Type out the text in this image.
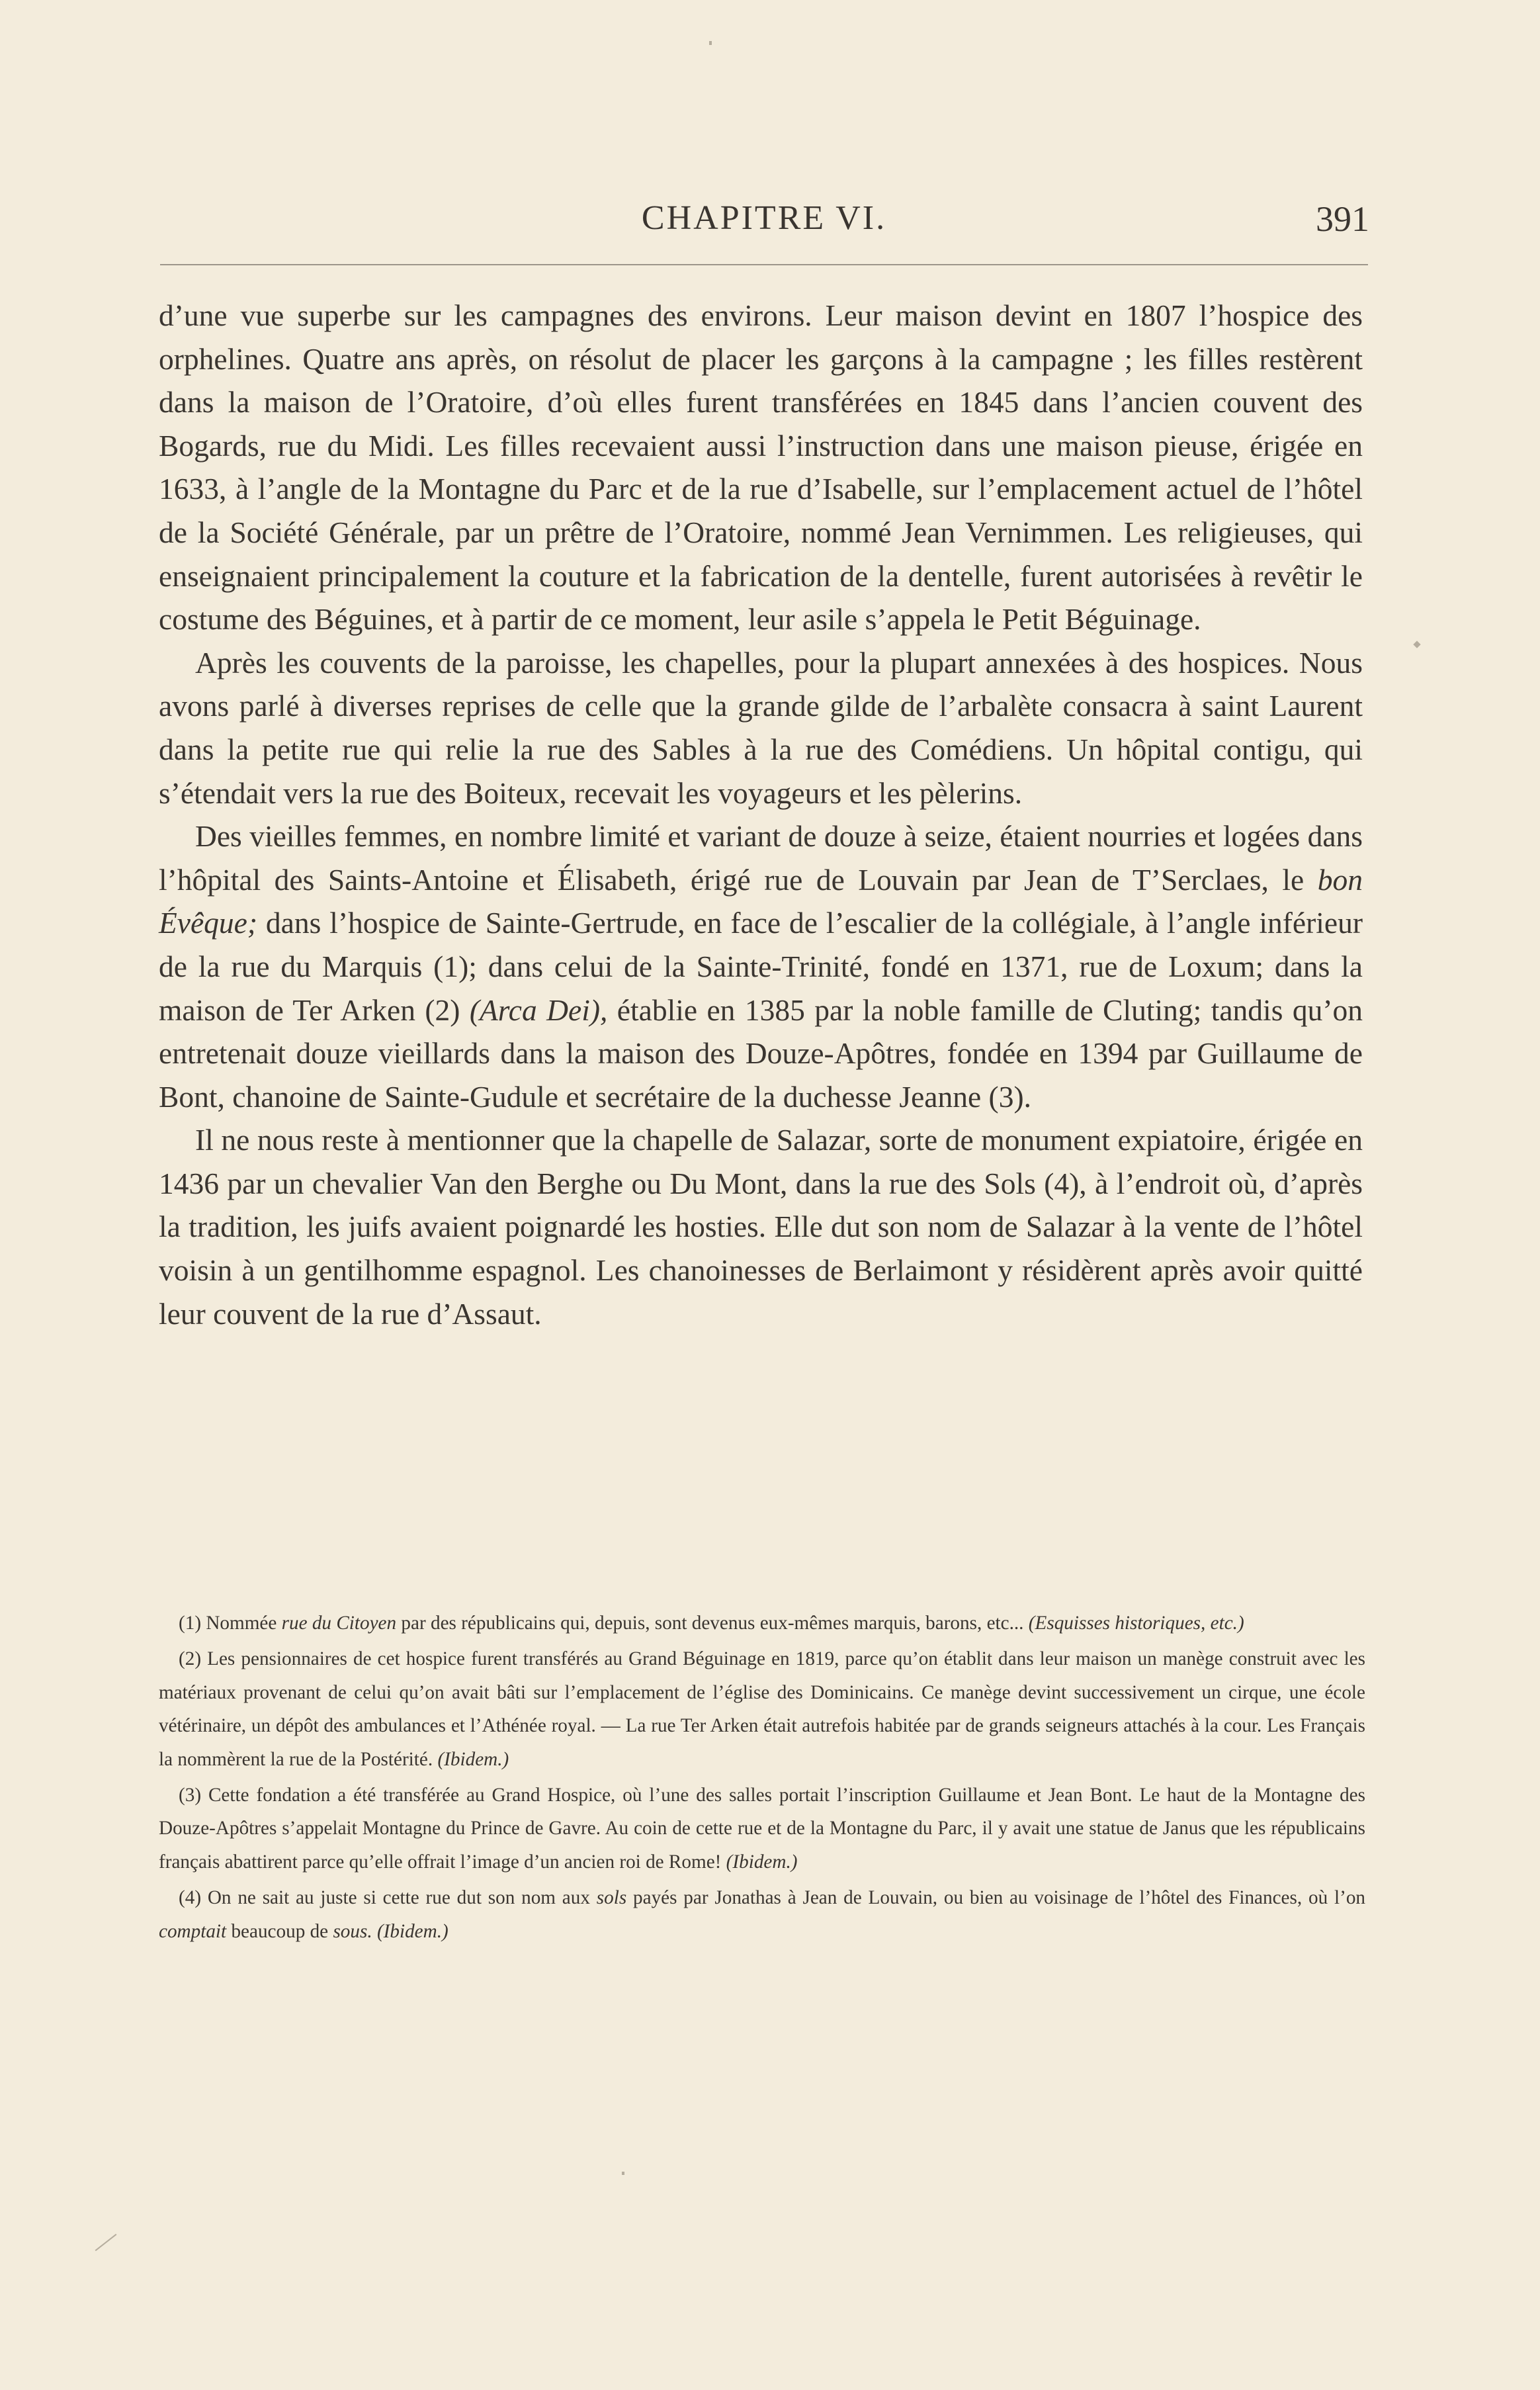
CHAPITRE VI.	391

d’une vue superbe sur les campagnes des environs. Leur maison devint en 1807 l’hospice des orphelines. Quatre ans après, on résolut de placer les garçons à la campagne ; les filles restèrent dans la maison de l’Oratoire, d’où elles furent transférées en 1845 dans l’ancien couvent des Bogards, rue du Midi. Les filles recevaient aussi l’instruction dans une maison pieuse, érigée en 1633, à l’angle de la Montagne du Parc et de la rue d’Isabelle, sur l’emplacement actuel de l’hôtel de la Société Générale, par un prêtre de l’Oratoire, nommé Jean Vernimmen. Les religieuses, qui enseignaient principalement la couture et la fabrication de la dentelle, furent autorisées à revêtir le costume des Béguines, et à partir de ce moment, leur asile s’appela le Petit Béguinage.

Après les couvents de la paroisse, les chapelles, pour la plupart annexées à des hospices. Nous avons parlé à diverses reprises de celle que la grande gilde de l’arbalète consacra à saint Laurent dans la petite rue qui relie la rue des Sables à la rue des Comédiens. Un hôpital contigu, qui s’étendait vers la rue des Boiteux, recevait les voyageurs et les pèlerins.

Des vieilles femmes, en nombre limité et variant de douze à seize, étaient nourries et logées dans l’hôpital des Saints-Antoine et Élisabeth, érigé rue de Louvain par Jean de T’Serclaes, le bon Évêque; dans l’hospice de Sainte-Gertrude, en face de l’escalier de la collégiale, à l’angle inférieur de la rue du Marquis (1); dans celui de la Sainte-Trinité, fondé en 1371, rue de Loxum; dans la maison de Ter Arken (2) (Arca Dei), établie en 1385 par la noble famille de Cluting; tandis qu’on entretenait douze vieillards dans la maison des Douze-Apôtres, fondée en 1394 par Guillaume de Bont, chanoine de Sainte-Gudule et secrétaire de la duchesse Jeanne (3).

Il ne nous reste à mentionner que la chapelle de Salazar, sorte de monument expiatoire, érigée en 1436 par un chevalier Van den Berghe ou Du Mont, dans la rue des Sols (4), à l’endroit où, d’après la tradition, les juifs avaient poignardé les hosties. Elle dut son nom de Salazar à la vente de l’hôtel voisin à un gentilhomme espagnol. Les chanoinesses de Berlaimont y résidèrent après avoir quitté leur couvent de la rue d’Assaut.

(1) Nommée rue du Citoyen par des républicains qui, depuis, sont devenus eux-mêmes marquis, barons, etc... (Esquisses historiques, etc.)

(2) Les pensionnaires de cet hospice furent transférés au Grand Béguinage en 1819, parce qu’on établit dans leur maison un manège construit avec les matériaux provenant de celui qu’on avait bâti sur l’emplacement de l’église des Dominicains. Ce manège devint successivement un cirque, une école vétérinaire, un dépôt des ambulances et l’Athénée royal. — La rue Ter Arken était autrefois habitée par de grands seigneurs attachés à la cour. Les Français la nommèrent la rue de la Postérité. (Ibidem.)

(3) Cette fondation a été transférée au Grand Hospice, où l’une des salles portait l’inscription Guillaume et Jean Bont. Le haut de la Montagne des Douze-Apôtres s’appelait Montagne du Prince de Gavre. Au coin de cette rue et de la Montagne du Parc, il y avait une statue de Janus que les républicains français abattirent parce qu’elle offrait l’image d’un ancien roi de Rome! (Ibidem.)

(4) On ne sait au juste si cette rue dut son nom aux sols payés par Jonathas à Jean de Louvain, ou bien au voisinage de l’hôtel des Finances, où l’on comptait beaucoup de sous. (Ibidem.)
